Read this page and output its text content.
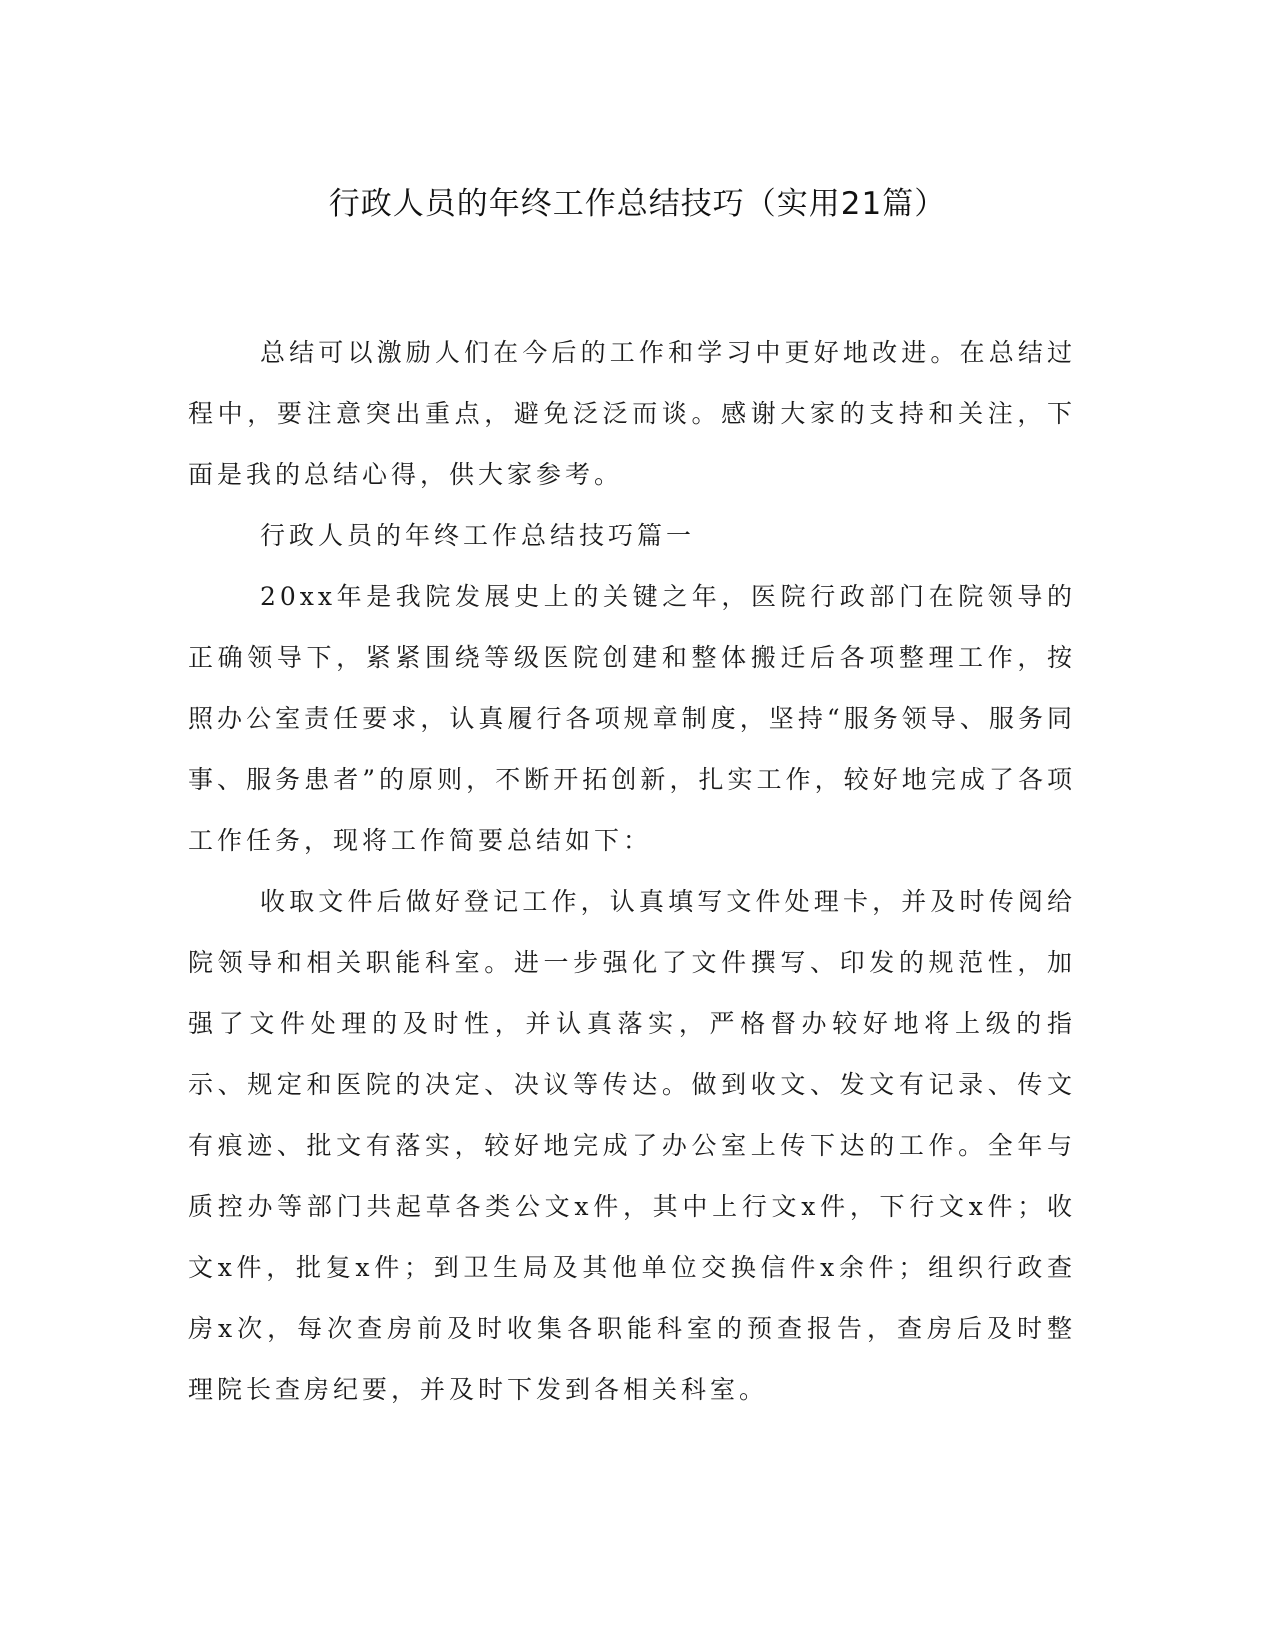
行政人员的年终工作总结技巧（实用21篇）

总结可以激励人们在今后的工作和学习中更好地改进。在总结过程中，要注意突出重点，避免泛泛而谈。感谢大家的支持和关注，下面是我的总结心得，供大家参考。

行政人员的年终工作总结技巧篇一

20xx年是我院发展史上的关键之年，医院行政部门在院领导的正确领导下，紧紧围绕等级医院创建和整体搬迁后各项整理工作，按照办公室责任要求，认真履行各项规章制度，坚持“服务领导、服务同事、服务患者”的原则，不断开拓创新，扎实工作，较好地完成了各项工作任务，现将工作简要总结如下：

收取文件后做好登记工作，认真填写文件处理卡，并及时传阅给院领导和相关职能科室。进一步强化了文件撰写、印发的规范性，加强了文件处理的及时性，并认真落实，严格督办较好地将上级的指示、规定和医院的决定、决议等传达。做到收文、发文有记录、传文有痕迹、批文有落实，较好地完成了办公室上传下达的工作。全年与质控办等部门共起草各类公文x件，其中上行文x件，下行文x件；收文x件，批复x件；到卫生局及其他单位交换信件x余件；组织行政查房x次，每次查房前及时收集各职能科室的预查报告，查房后及时整理院长查房纪要，并及时下发到各相关科室。
